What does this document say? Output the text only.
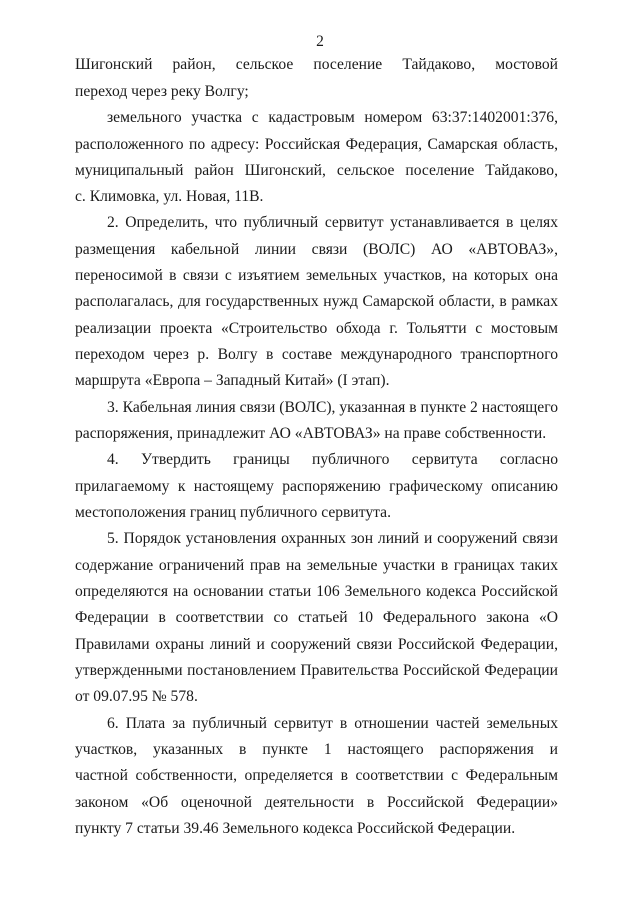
2
Шигонский район, сельское поселение Тайдаково, мостовой
переход через реку Волгу;
земельного участка с кадастровым номером 63:37:1402001:376,
расположенного по адресу: Российская Федерация, Самарская область,
муниципальный район Шигонский, сельское поселение Тайдаково,
с. Климовка, ул. Новая, 11В.
2. Определить, что публичный сервитут устанавливается в целях
размещения кабельной линии связи (ВОЛС) АО «АВТОВАЗ»,
переносимой в связи с изъятием земельных участков, на которых она
располагалась, для государственных нужд Самарской области, в рамках
реализации проекта «Строительство обхода г. Тольятти с мостовым
переходом через р. Волгу в составе международного транспортного
маршрута «Европа – Западный Китай» (I этап).
3. Кабельная линия связи (ВОЛС), указанная в пункте 2 настоящего
распоряжения, принадлежит АО «АВТОВАЗ» на праве собственности.
4. Утвердить границы публичного сервитута согласно
прилагаемому к настоящему распоряжению графическому описанию
местоположения границ публичного сервитута.
5. Порядок установления охранных зон линий и сооружений связи
содержание ограничений прав на земельные участки в границах таких
определяются на основании статьи 106 Земельного кодекса Российской
Федерации в соответствии со статьей 10 Федерального закона «О
Правилами охраны линий и сооружений связи Российской Федерации,
утвержденными постановлением Правительства Российской Федерации
от 09.07.95 № 578.
6. Плата за публичный сервитут в отношении частей земельных
участков, указанных в пункте 1 настоящего распоряжения и
частной собственности, определяется в соответствии с Федеральным
законом «Об оценочной деятельности в Российской Федерации»
пункту 7 статьи 39.46 Земельного кодекса Российской Федерации.
